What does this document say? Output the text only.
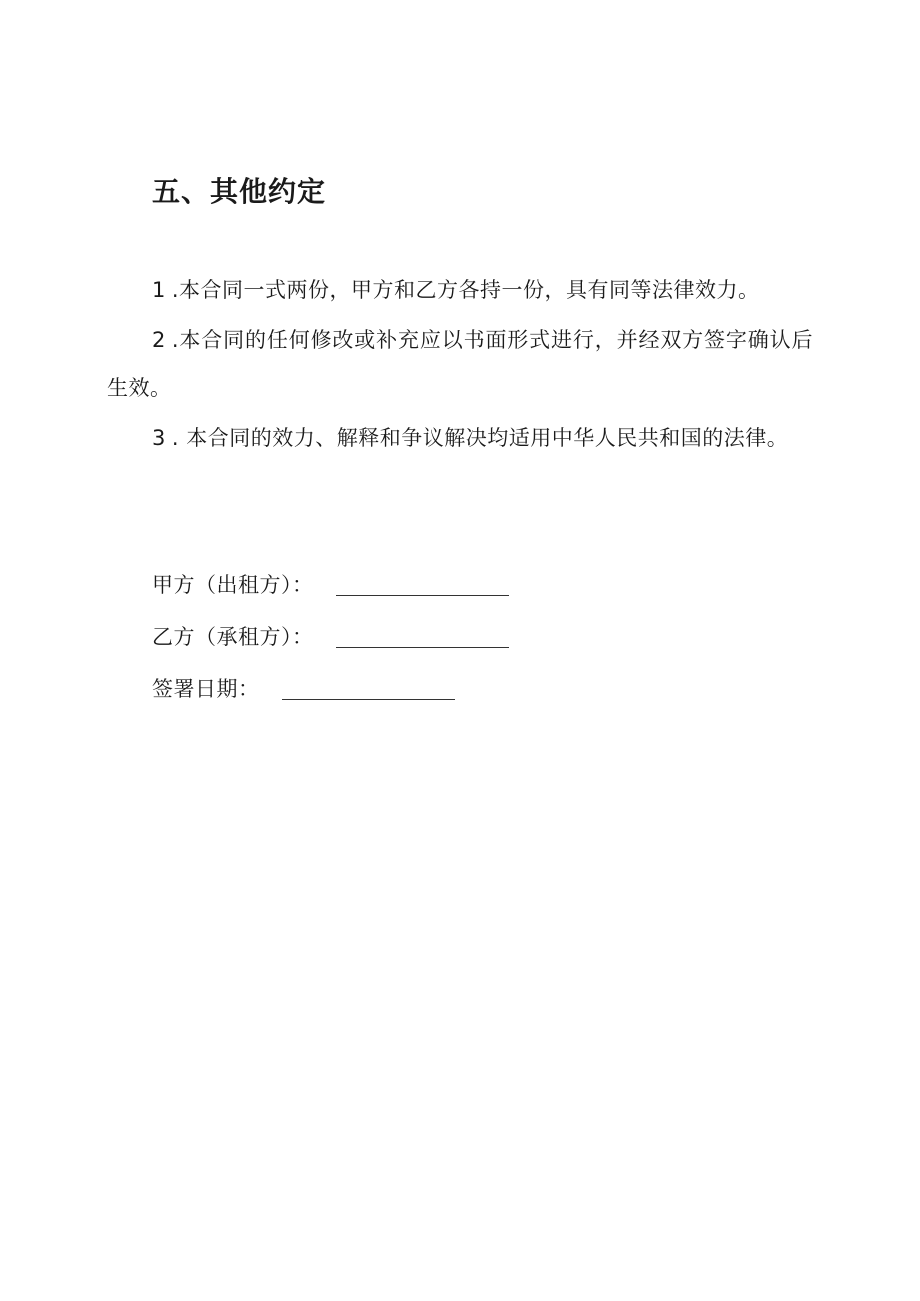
五、其他约定

1 .本合同一式两份，甲方和乙方各持一份，具有同等法律效力。

2 .本合同的任何修改或补充应以书面形式进行，并经双方签字确认后生效。

3 . 本合同的效力、解释和争议解决均适用中华人民共和国的法律。

甲方（出租方）：
乙方（承租方）：
签署日期：
